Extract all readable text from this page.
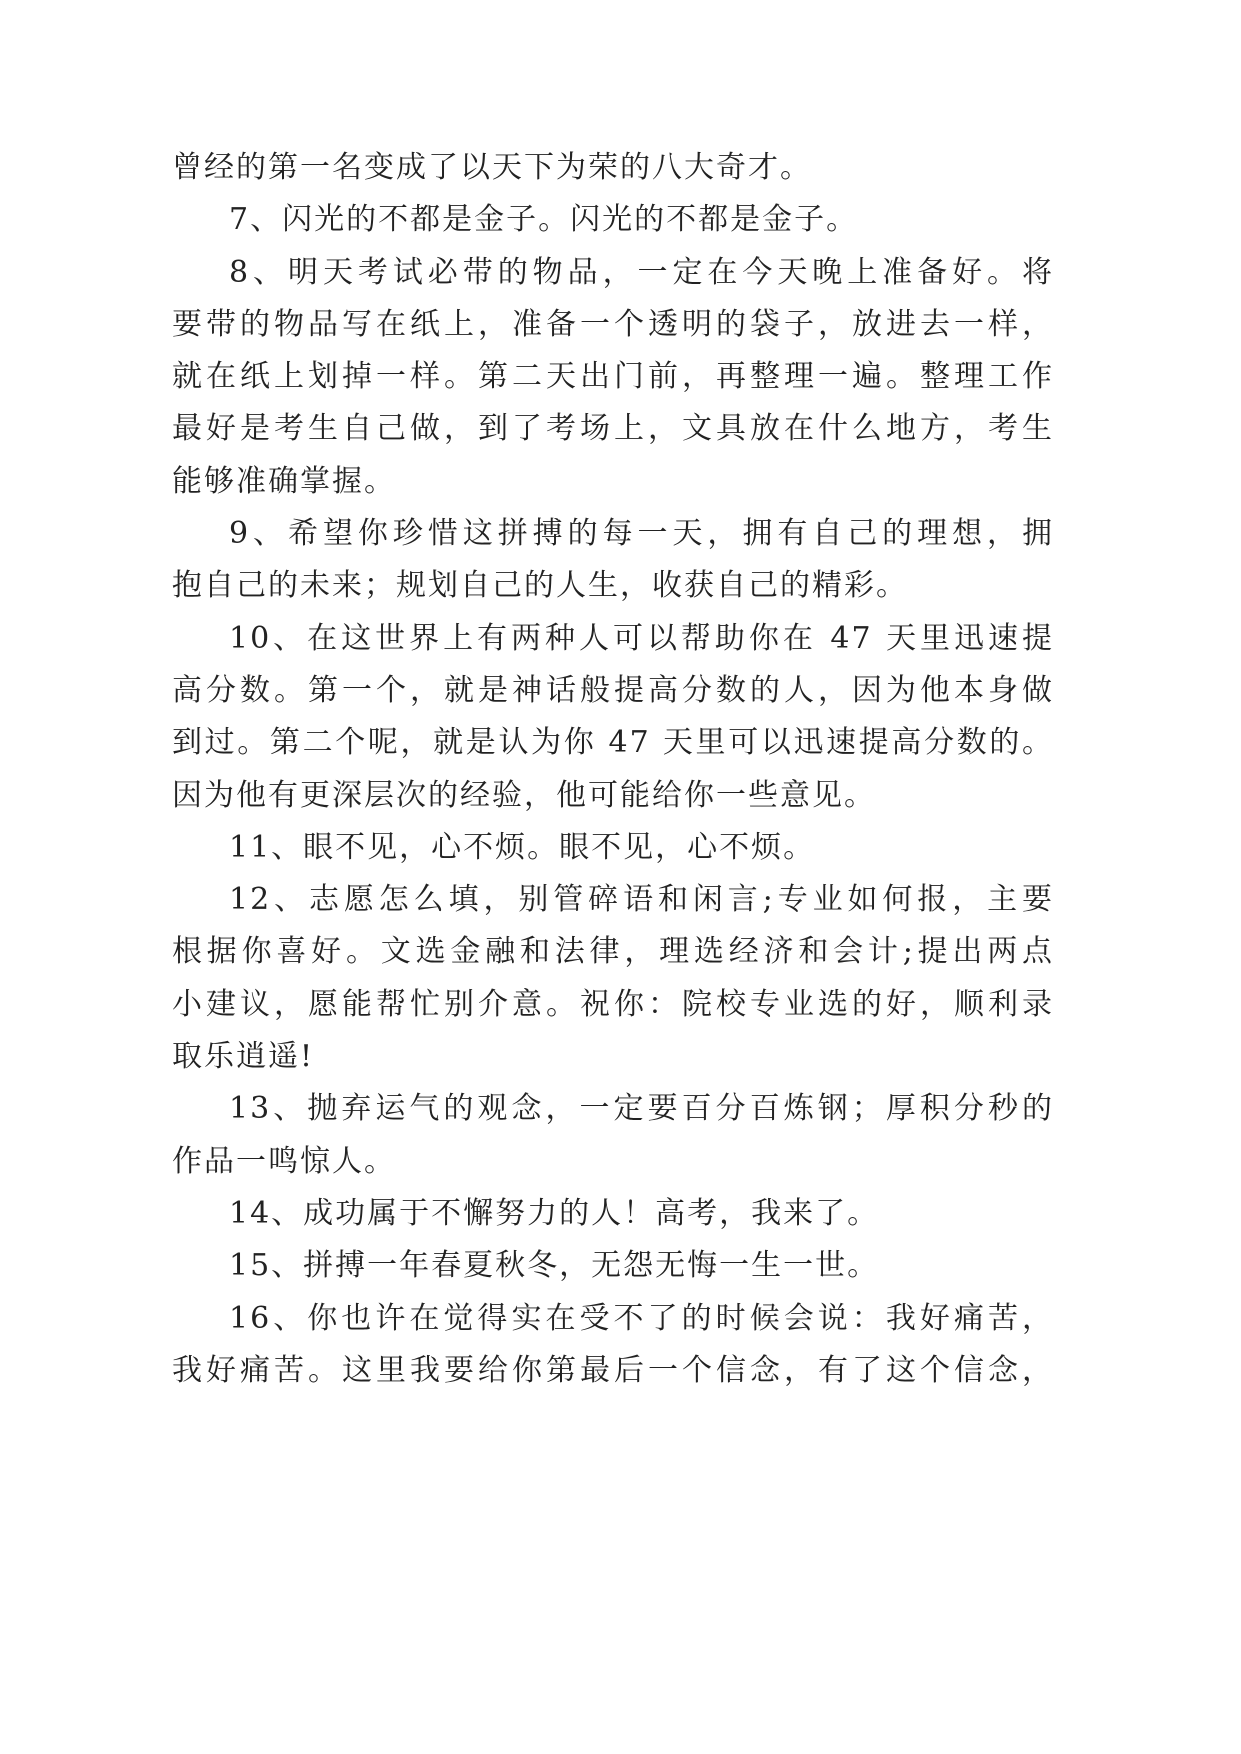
曾经的第一名变成了以天下为荣的八大奇才。
7、闪光的不都是金子。闪光的不都是金子。
8、明天考试必带的物品，一定在今天晚上准备好。将
要带的物品写在纸上，准备一个透明的袋子，放进去一样，
就在纸上划掉一样。第二天出门前，再整理一遍。整理工作
最好是考生自己做，到了考场上，文具放在什么地方，考生
能够准确掌握。
9、希望你珍惜这拼搏的每一天，拥有自己的理想，拥
抱自己的未来；规划自己的人生，收获自己的精彩。
10、在这世界上有两种人可以帮助你在 47 天里迅速提
高分数。第一个，就是神话般提高分数的人，因为他本身做
到过。第二个呢，就是认为你 47 天里可以迅速提高分数的。
因为他有更深层次的经验，他可能给你一些意见。
11、眼不见，心不烦。眼不见，心不烦。
12、志愿怎么填，别管碎语和闲言;专业如何报，主要
根据你喜好。文选金融和法律，理选经济和会计;提出两点
小建议，愿能帮忙别介意。祝你：院校专业选的好，顺利录
取乐逍遥!
13、抛弃运气的观念，一定要百分百炼钢；厚积分秒的
作品一鸣惊人。
14、成功属于不懈努力的人！高考，我来了。
15、拼搏一年春夏秋冬，无怨无悔一生一世。
16、你也许在觉得实在受不了的时候会说：我好痛苦，
我好痛苦。这里我要给你第最后一个信念，有了这个信念，
